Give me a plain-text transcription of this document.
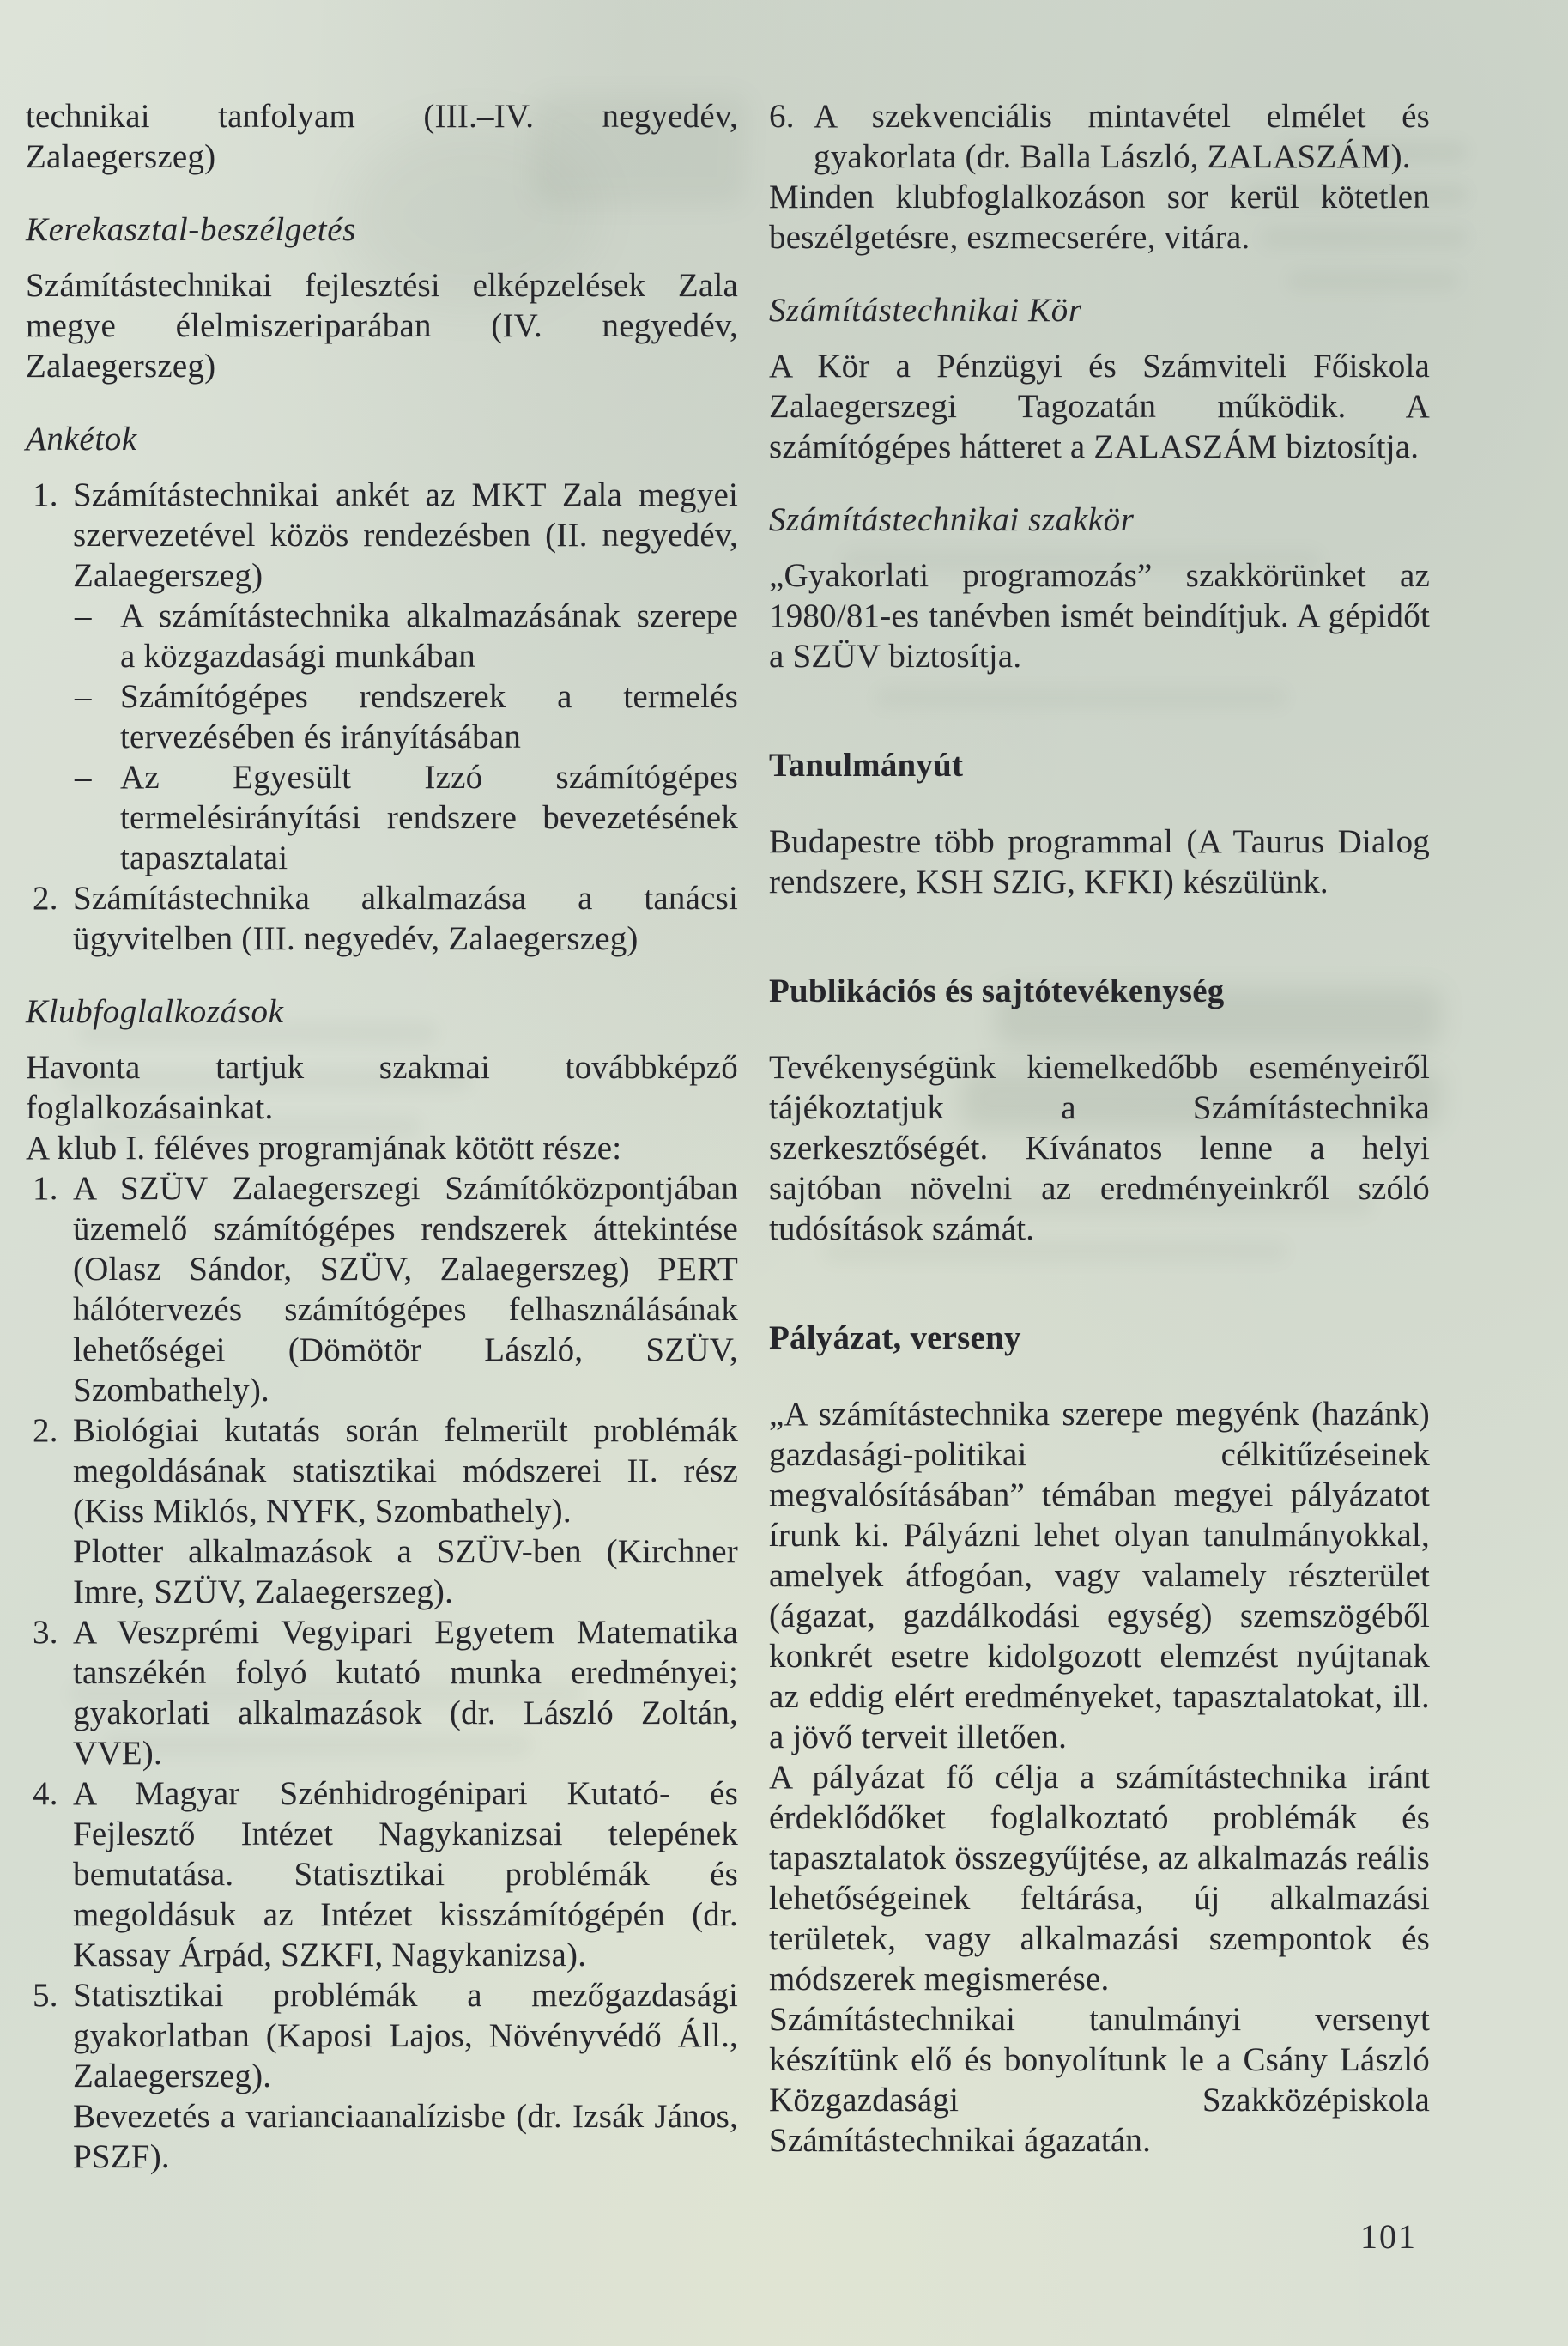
technikai tanfolyam (III.–IV. negyedév, Zalaegerszeg)
Kerekasztal-beszélgetés
Számítástechnikai fejlesztési elképzelések Zala megye élelmiszeriparában (IV. negyedév, Zalaegerszeg)
Ankétok
1. Számítástechnikai ankét az MKT Zala megyei szervezetével közös rendezésben (II. negyedév, Zalaegerszeg)
– A számítástechnika alkalmazásának szerepe a közgazdasági munkában
– Számítógépes rendszerek a termelés tervezésében és irányításában
– Az Egyesült Izzó számítógépes termelésirányítási rendszere bevezetésének tapasztalatai
2. Számítástechnika alkalmazása a tanácsi ügyvitelben (III. negyedév, Zalaegerszeg)
Klubfoglalkozások
Havonta tartjuk szakmai továbbképző foglalkozásainkat.
A klub I. féléves programjának kötött része:
1. A SZÜV Zalaegerszegi Számítóközpontjában üzemelő számítógépes rendszerek áttekintése (Olasz Sándor, SZÜV, Zalaegerszeg) PERT hálótervezés számítógépes felhasználásának lehetőségei (Dömötör László, SZÜV, Szombathely).
2. Biológiai kutatás során felmerült problémák megoldásának statisztikai módszerei II. rész (Kiss Miklós, NYFK, Szombathely).
Plotter alkalmazások a SZÜV-ben (Kirchner Imre, SZÜV, Zalaegerszeg).
3. A Veszprémi Vegyipari Egyetem Matematika tanszékén folyó kutató munka eredményei; gyakorlati alkalmazások (dr. László Zoltán, VVE).
4. A Magyar Szénhidrogénipari Kutató- és Fejlesztő Intézet Nagykanizsai telepének bemutatása. Statisztikai problémák és megoldásuk az Intézet kisszámítógépén (dr. Kassay Árpád, SZKFI, Nagykanizsa).
5. Statisztikai problémák a mezőgazdasági gyakorlatban (Kaposi Lajos, Növényvédő Áll., Zalaegerszeg).
Bevezetés a varianciaanalízisbe (dr. Izsák János, PSZF).
6. A szekvenciális mintavétel elmélet és gyakorlata (dr. Balla László, ZALASZÁM).
Minden klubfoglalkozáson sor kerül kötetlen beszélgetésre, eszmecserére, vitára.
Számítástechnikai Kör
A Kör a Pénzügyi és Számviteli Főiskola Zalaegerszegi Tagozatán működik. A számítógépes hátteret a ZALASZÁM biztosítja.
Számítástechnikai szakkör
„Gyakorlati programozás” szakkörünket az 1980/81-es tanévben ismét beindítjuk. A gépidőt a SZÜV biztosítja.
Tanulmányút
Budapestre több programmal (A Taurus Dialog rendszere, KSH SZIG, KFKI) készülünk.
Publikációs és sajtótevékenység
Tevékenységünk kiemelkedőbb eseményeiről tájékoztatjuk a Számítástechnika szerkesztőségét. Kívánatos lenne a helyi sajtóban növelni az eredményeinkről szóló tudósítások számát.
Pályázat, verseny
„A számítástechnika szerepe megyénk (hazánk) gazdasági-politikai célkitűzéseinek megvalósításában” témában megyei pályázatot írunk ki. Pályázni lehet olyan tanulmányokkal, amelyek átfogóan, vagy valamely részterület (ágazat, gazdálkodási egység) szemszögéből konkrét esetre kidolgozott elemzést nyújtanak az eddig elért eredményeket, tapasztalatokat, ill. a jövő terveit illetően.
A pályázat fő célja a számítástechnika iránt érdeklődőket foglalkoztató problémák és tapasztalatok összegyűjtése, az alkalmazás reális lehetőségeinek feltárása, új alkalmazási területek, vagy alkalmazási szempontok és módszerek megismerése.
Számítástechnikai tanulmányi versenyt készítünk elő és bonyolítunk le a Csány László Közgazdasági Szakközépiskola Számítástechnikai ágazatán.
101
